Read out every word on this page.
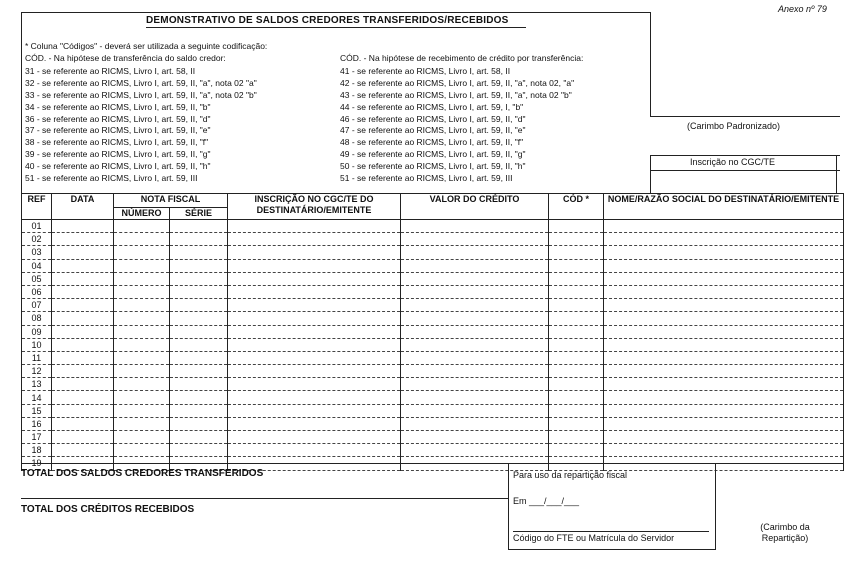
Anexo nº 79
DEMONSTRATIVO DE SALDOS CREDORES TRANSFERIDOS/RECEBIDOS
* Coluna "Códigos" - deverá ser utilizada a seguinte codificação:
CÓD. - Na hipótese de transferência do saldo credor:	CÓD. - Na hipótese de recebimento de crédito por transferência:
31 - se referente ao RICMS, Livro I, art. 58, II
32 - se referente ao RICMS, Livro I, art. 59, II, "a", nota 02 "a"
33 - se referente ao RICMS, Livro I, art. 59, II, "a", nota 02 "b"
34 - se referente ao RICMS, Livro I, art. 59, II, "b"
36 - se referente ao RICMS, Livro I, art. 59, II, "d"
37 - se referente ao RICMS, Livro I, art. 59, II, "e"
38 - se referente ao RICMS, Livro I, art. 59, II, "f"
39 - se referente ao RICMS, Livro I, art. 59, II, "g"
40 - se referente ao RICMS, Livro I, art. 59, II, "h"
51 - se referente ao RICMS, Livro I, art. 59, III
41 - se referente ao RICMS, Livro I, art. 58, II
42 - se referente ao RICMS, Livro I, art. 59, II, "a", nota 02, "a"
43 - se referente ao RICMS, Livro I, art. 59, II, "a", nota 02 "b"
44 - se referente ao RICMS, Livro I, art. 59, I, "b"
46 - se referente ao RICMS, Livro I, art. 59, II, "d"
47 - se referente ao RICMS, Livro I, art. 59, II, "e"
48 - se referente ao RICMS, Livro I, art. 59, II, "f"
49 - se referente ao RICMS, Livro I, art. 59, II, "g"
50 - se referente ao RICMS, Livro I, art. 59, II, "h"
51 - se referente ao RICMS, Livro I, art. 59, III
(Carimbo Padronizado)
Inscrição no CGC/TE
REF	DATA	NOTA FISCAL		INSCRIÇÃO NO CGC/TE DO DESTINATÁRIO/EMITENTE	VALOR DO CRÉDITO	CÓD *	NOME/RAZÃO SOCIAL DO DESTINATÁRIO/EMITENTE
		NÚMERO	SÉRIE				
01							
02							
03							
04							
05							
06							
07							
08							
09							
10							
11							
12							
13							
14							
15							
16							
17							
18							

TOTAL DOS SALDOS CREDORES TRANSFERIDOS
TOTAL DOS CRÉDITOS RECEBIDOS
Para uso da repartição fiscal
Em ___/___/___
Código do FTE ou Matrícula do Servidor
(Carimbo da Repartição)
